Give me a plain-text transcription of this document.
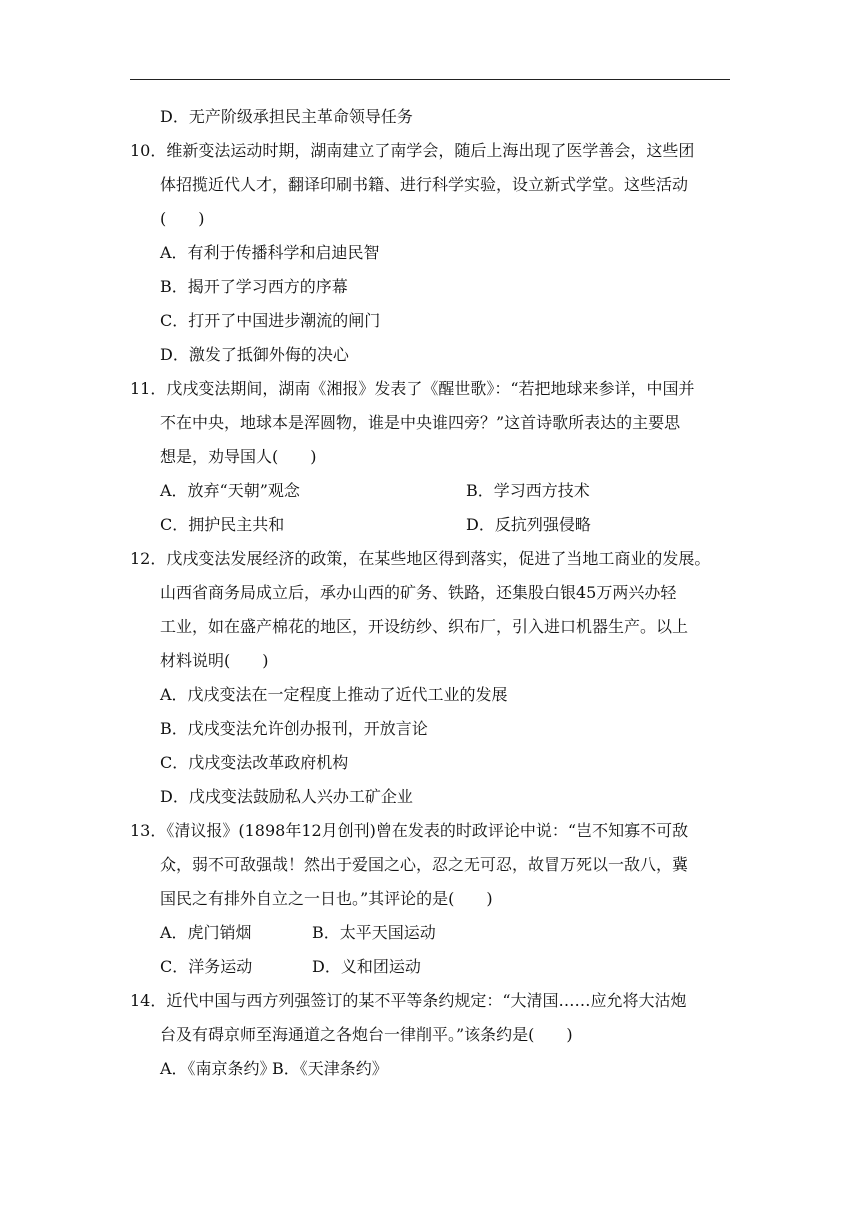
D．无产阶级承担民主革命领导任务
10．维新变法运动时期，湖南建立了南学会，随后上海出现了医学善会，这些团
体招揽近代人才，翻译印刷书籍、进行科学实验，设立新式学堂。这些活动
(　　)
A．有利于传播科学和启迪民智
B．揭开了学习西方的序幕
C．打开了中国进步潮流的闸门
D．激发了抵御外侮的决心
11．戊戌变法期间，湖南《湘报》发表了《醒世歌》：“若把地球来参详，中国并
不在中央，地球本是浑圆物，谁是中央谁四旁？”这首诗歌所表达的主要思
想是，劝导国人(　　)
A．放弃“天朝”观念	B．学习西方技术
C．拥护民主共和	D．反抗列强侵略
12．戊戌变法发展经济的政策，在某些地区得到落实，促进了当地工商业的发展。
山西省商务局成立后，承办山西的矿务、铁路，还集股白银45万两兴办轻
工业，如在盛产棉花的地区，开设纺纱、织布厂，引入进口机器生产。以上
材料说明(　　)
A．戊戌变法在一定程度上推动了近代工业的发展
B．戊戌变法允许创办报刊，开放言论
C．戊戌变法改革政府机构
D．戊戌变法鼓励私人兴办工矿企业
13．《清议报》(1898年12月创刊)曾在发表的时政评论中说：“岂不知寡不可敌
众，弱不可敌强哉！然出于爱国之心，忍之无可忍，故冒万死以一敌八，冀
国民之有排外自立之一日也。”其评论的是(　　)
A．虎门销烟	B．太平天国运动
C．洋务运动	D．义和团运动
14．近代中国与西方列强签订的某不平等条约规定：“大清国……应允将大沽炮
台及有碍京师至海通道之各炮台一律削平。”该条约是(　　)
A．《南京条约》
B．《天津条约》
